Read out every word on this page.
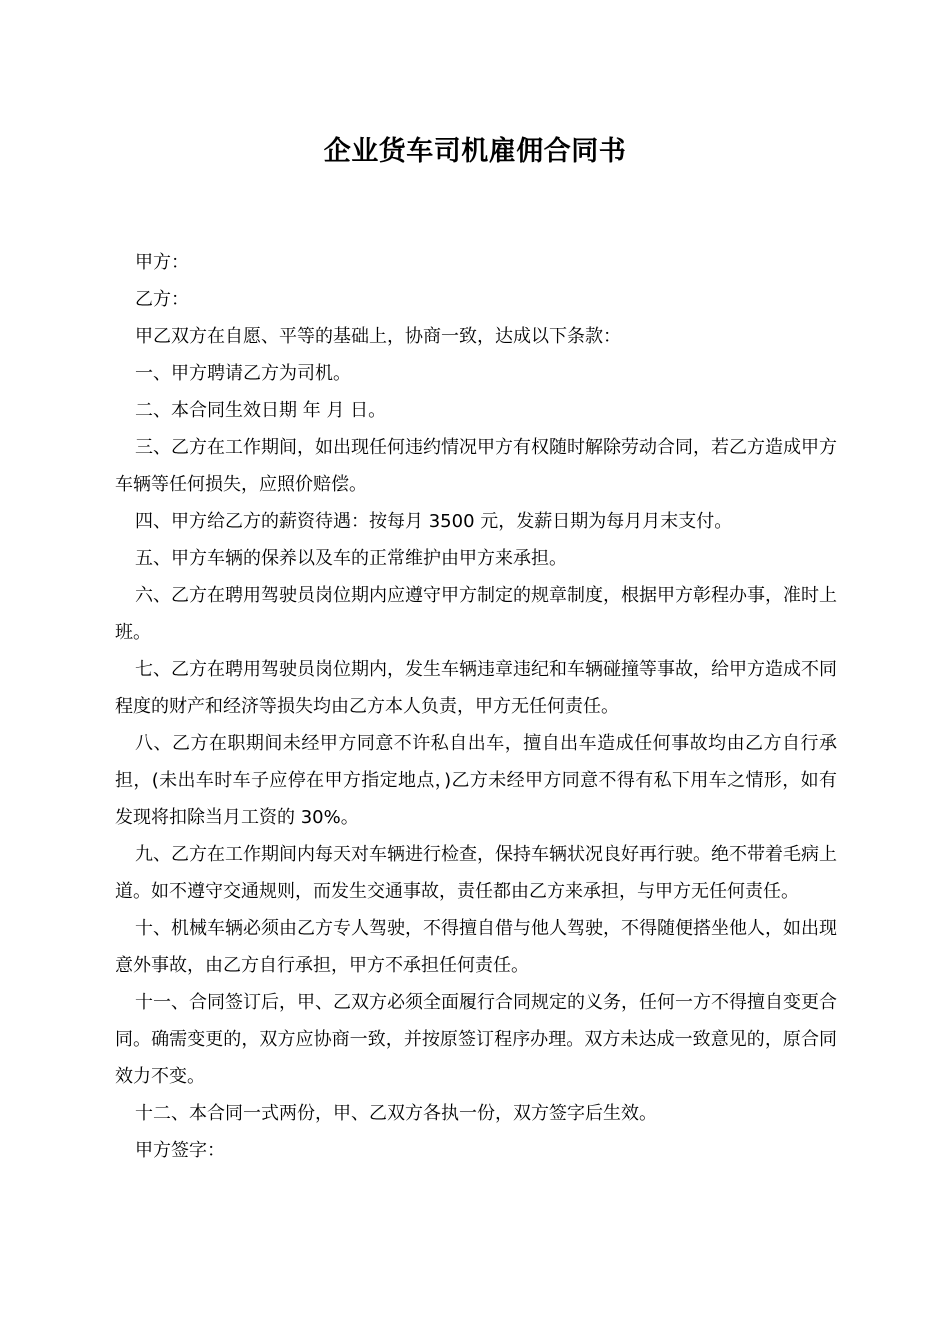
企业货车司机雇佣合同书

甲方：

乙方：

甲乙双方在自愿、平等的基础上，协商一致，达成以下条款：

一、甲方聘请乙方为司机。

二、本合同生效日期 年 月 日。

三、乙方在工作期间，如出现任何违约情况甲方有权随时解除劳动合同，若乙方造成甲方车辆等任何损失，应照价赔偿。

四、甲方给乙方的薪资待遇：按每月 3500 元，发薪日期为每月月末支付。

五、甲方车辆的保养以及车的正常维护由甲方来承担。

六、乙方在聘用驾驶员岗位期内应遵守甲方制定的规章制度，根据甲方彰程办事，准时上班。

七、乙方在聘用驾驶员岗位期内，发生车辆违章违纪和车辆碰撞等事故，给甲方造成不同程度的财产和经济等损失均由乙方本人负责，甲方无任何责任。

八、乙方在职期间未经甲方同意不许私自出车，擅自出车造成任何事故均由乙方自行承担，(未出车时车子应停在甲方指定地点，)乙方未经甲方同意不得有私下用车之情形，如有发现将扣除当月工资的 30%。

九、乙方在工作期间内每天对车辆进行检查，保持车辆状况良好再行驶。绝不带着毛病上道。如不遵守交通规则，而发生交通事故，责任都由乙方来承担，与甲方无任何责任。

十、机械车辆必须由乙方专人驾驶，不得擅自借与他人驾驶，不得随便搭坐他人，如出现意外事故，由乙方自行承担，甲方不承担任何责任。

十一、合同签订后，甲、乙双方必须全面履行合同规定的义务，任何一方不得擅自变更合同。确需变更的，双方应协商一致，并按原签订程序办理。双方未达成一致意见的，原合同效力不变。

十二、本合同一式两份，甲、乙双方各执一份，双方签字后生效。

甲方签字：
